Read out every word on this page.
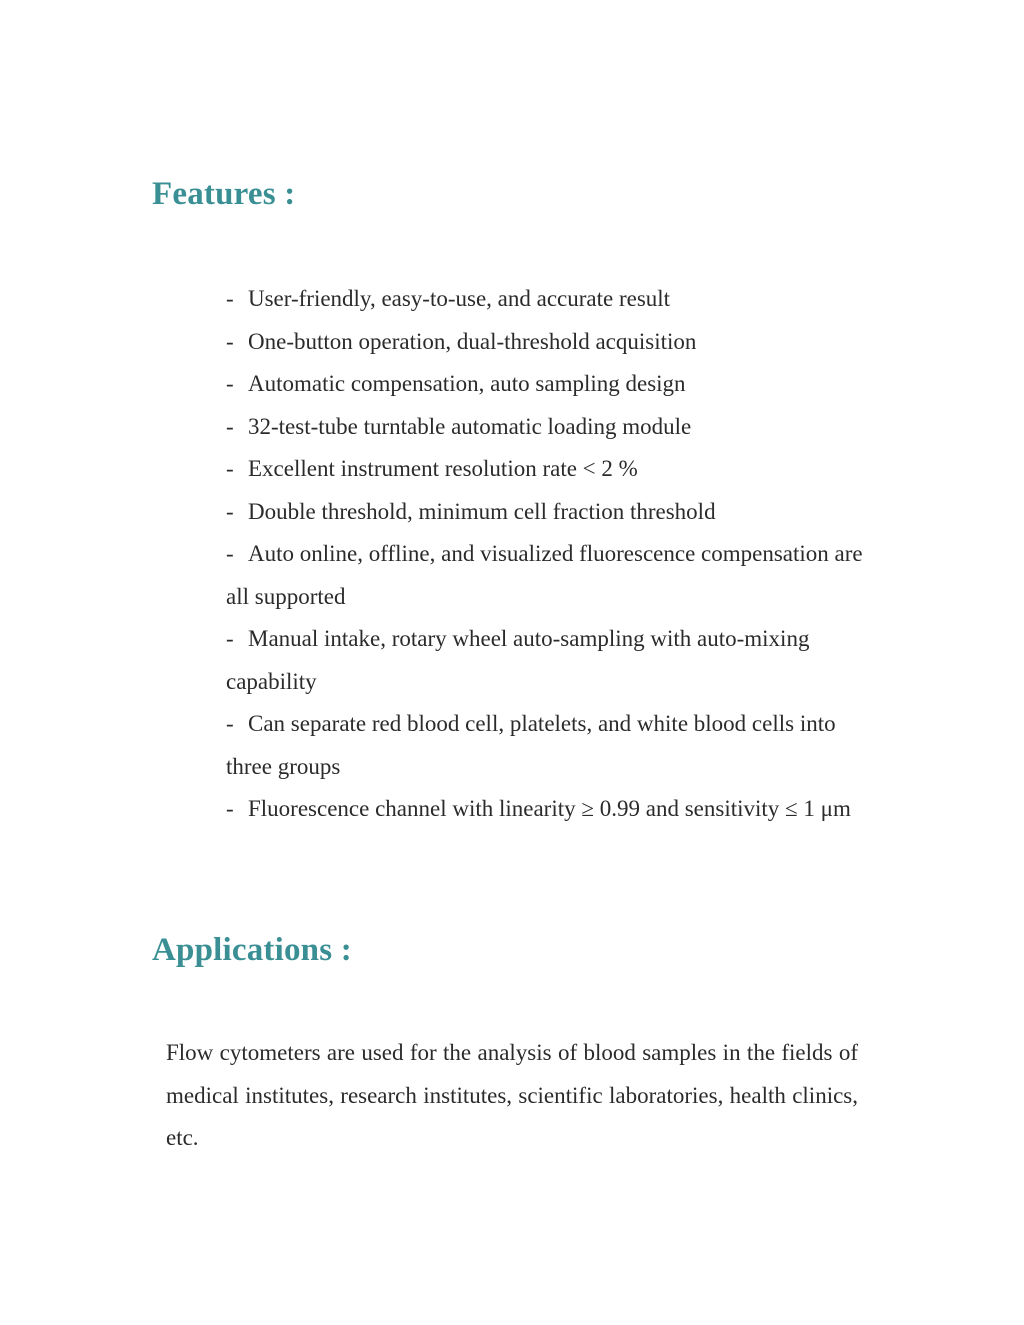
Features :
- User-friendly, easy-to-use, and accurate result
- One-button operation, dual-threshold acquisition
- Automatic compensation, auto sampling design
- 32-test-tube turntable automatic loading module
- Excellent instrument resolution rate < 2 %
- Double threshold, minimum cell fraction threshold
- Auto online, offline, and visualized fluorescence compensation are all supported
- Manual intake, rotary wheel auto-sampling with auto-mixing capability
- Can separate red blood cell, platelets, and white blood cells into three groups
- Fluorescence channel with linearity ≥ 0.99 and sensitivity ≤ 1 μm
Applications :

Flow cytometers are used for the analysis of blood samples in the fields of medical institutes, research institutes, scientific laboratories, health clinics, etc.
